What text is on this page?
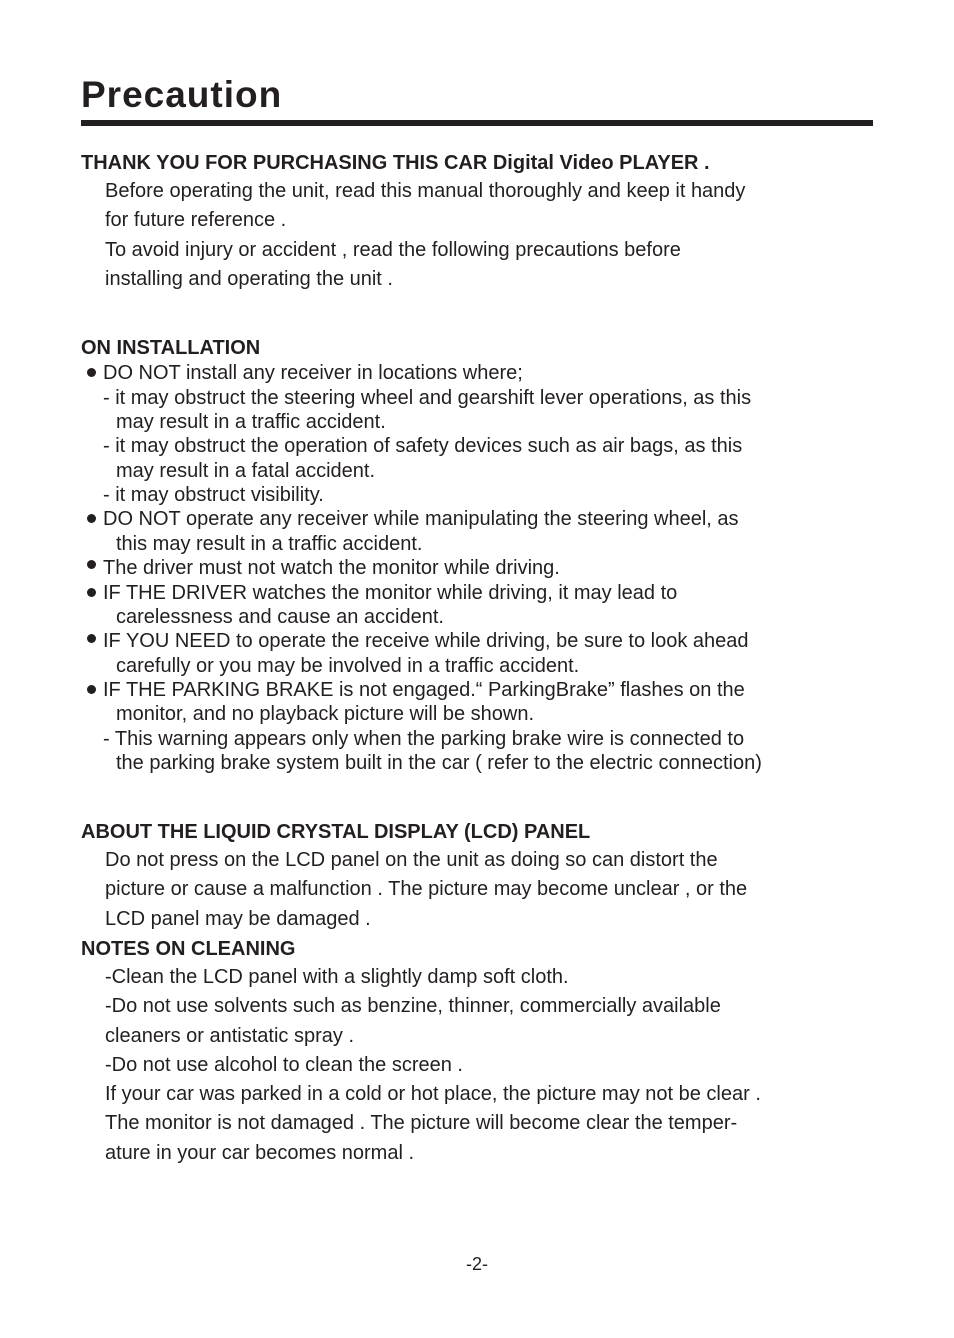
Precaution
THANK YOU FOR PURCHASING THIS CAR Digital Video PLAYER .

Before operating the unit, read this manual thoroughly and keep it handy

for future reference .

To avoid injury or accident , read the following precautions before

installing and operating the unit .

ON INSTALLATION
DO NOT install any receiver in locations where;
- it may obstruct the steering wheel and gearshift lever operations, as this
may result in a traffic accident.
- it may obstruct the operation of safety devices such as air bags, as this
may result in a fatal accident.
- it may obstruct visibility.
DO NOT operate any receiver while manipulating the steering wheel, as
this may result in a traffic accident.
The driver must not watch the monitor while driving.
IF THE DRIVER watches the monitor while driving, it may lead to
carelessness and cause an accident.
IF YOU NEED to operate the receive while driving, be sure to look ahead
carefully or you may be involved in a traffic accident.
IF THE PARKING BRAKE is not engaged.“ ParkingBrake” flashes on the
monitor, and no playback picture will be shown.
- This warning appears only when the parking brake wire is connected to
the parking brake system built in the car ( refer to the electric connection)
ABOUT THE LIQUID CRYSTAL DISPLAY (LCD) PANEL

Do not press on the LCD panel on the unit as doing so can distort the

picture or cause a malfunction . The picture may become unclear , or the

LCD panel may be damaged .

NOTES ON CLEANING

-Clean the LCD panel with a slightly damp soft cloth.

-Do not use solvents such as benzine, thinner, commercially available

cleaners or antistatic spray .

-Do not use alcohol to clean the screen .

If your car was parked in a cold or hot place, the picture may not be clear .

The monitor is not damaged . The picture will become clear the temper-

ature in your car becomes normal .

-2-
